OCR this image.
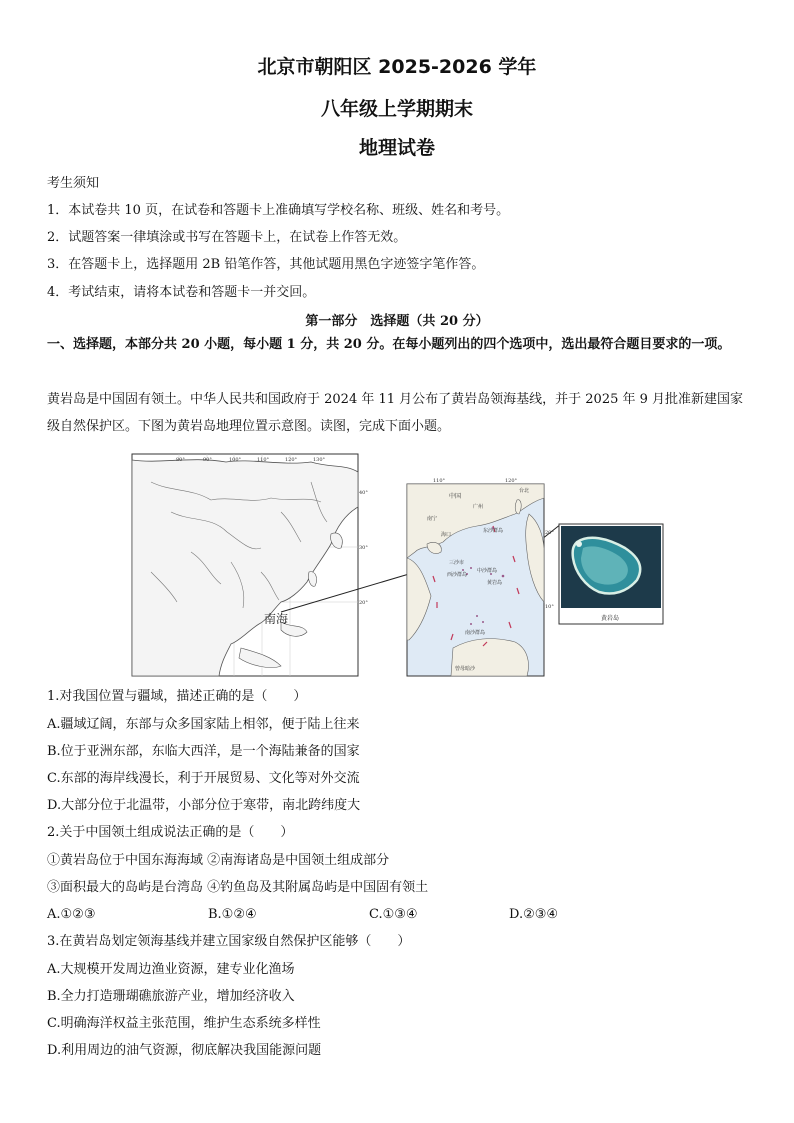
北京市朝阳区 2025-2026 学年
八年级上学期期末
地理试卷
考生须知
1．本试卷共 10 页，在试卷和答题卡上准确填写学校名称、班级、姓名和考号。
2．试题答案一律填涂或书写在答题卡上，在试卷上作答无效。
3．在答题卡上，选择题用 2B 铅笔作答，其他试题用黑色字迹签字笔作答。
4．考试结束，请将本试卷和答题卡一并交回。
第一部分　选择题（共 20 分）
一、选择题，本部分共 20 小题，每小题 1 分，共 20 分。在每小题列出的四个选项中，选出最符合题目要求的一项。
黄岩岛是中国固有领土。中华人民共和国政府于 2024 年 11 月公布了黄岩岛领海基线，并于 2025 年 9 月批准新建国家级自然保护区。下图为黄岩岛地理位置示意图。读图，完成下面小题。
80°	90°	100°	110°	120°	130°
40°
30°
20°
南海
110°	120°
20°
10°
中国
广州
南宁
海口
台北
东沙群岛
三沙市
西沙群岛
中沙群岛
黄岩岛
南沙群岛
曾母暗沙
黄岩岛
1.对我国位置与疆域，描述正确的是（　　）
A.疆域辽阔，东部与众多国家陆上相邻，便于陆上往来
B.位于亚洲东部，东临大西洋，是一个海陆兼备的国家
C.东部的海岸线漫长，利于开展贸易、文化等对外交流
D.大部分位于北温带，小部分位于寒带，南北跨纬度大
2.关于中国领土组成说法正确的是（　　）
①黄岩岛位于中国东海海域 ②南海诸岛是中国领土组成部分
③面积最大的岛屿是台湾岛 ④钓鱼岛及其附属岛屿是中国固有领土
A.①②③	B.①②④	C.①③④	D.②③④
3.在黄岩岛划定领海基线并建立国家级自然保护区能够（　　）
A.大规模开发周边渔业资源，建专业化渔场
B.全力打造珊瑚礁旅游产业，增加经济收入
C.明确海洋权益主张范围，维护生态系统多样性
D.利用周边的油气资源，彻底解决我国能源问题
